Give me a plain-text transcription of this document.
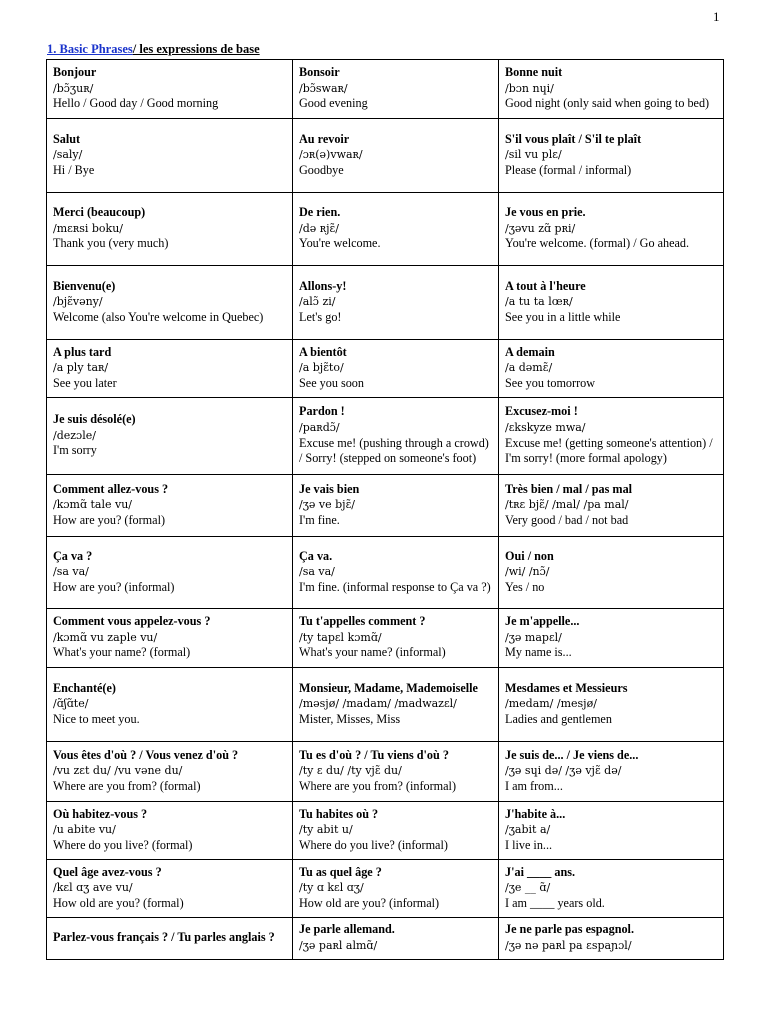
1
1. Basic Phrases/ les expressions de base
Bonjour
/bɔ̃ʒuʀ/
Hello / Good day / Good morning	Bonsoir
/bɔ̃swaʀ/
Good evening	Bonne nuit
/bɔn nɥi/
Good night (only said when going to bed)

Salut
/saly/
Hi / Bye	Au revoir
/ɔʀ(ə)vwaʀ/
Goodbye	S'il vous plaît / S'il te plaît
/sil vu plɛ/
Please (formal / informal)

Merci (beaucoup)
/mɛʀsi boku/
Thank you (very much)	De rien.
/də ʀjɛ̃/
You're welcome.	Je vous en prie.
/ʒəvu zɑ̃ pʀi/
You're welcome. (formal) / Go ahead.

Bienvenu(e)
/bjɛ̃vəny/
Welcome (also You're welcome in Quebec)	Allons-y!
/alɔ̃ zi/
Let's go!	A tout à l'heure
/a tu ta lœʀ/
See you in a little while

A plus tard
/a ply taʀ/
See you later	A bientôt
/a bjɛ̃to/
See you soon	A demain
/a dəmɛ̃/
See you tomorrow

Je suis désolé(e)
/dezɔle/
I'm sorry	Pardon !
/paʀdɔ̃/
Excuse me! (pushing through a crowd) / Sorry! (stepped on someone's foot)	Excusez-moi !
/ɛkskyze mwa/
Excuse me! (getting someone's attention) / I'm sorry! (more formal apology)

Comment allez-vous ?
/kɔmɑ̃ tale vu/
How are you? (formal)	Je vais bien
/ʒə ve bjɛ̃/
I'm fine.	Très bien / mal / pas mal
/tʀɛ bjɛ̃/ /mal/ /pa mal/
Very good / bad / not bad

Ça va ?
/sa va/
How are you? (informal)	Ça va.
/sa va/
I'm fine. (informal response to Ça va ?)	Oui / non
/wi/ /nɔ̃/
Yes / no

Comment vous appelez-vous ?
/kɔmɑ̃ vu zaple vu/
What's your name? (formal)	Tu t'appelles comment ?
/ty tapɛl kɔmɑ̃/
What's your name? (informal)	Je m'appelle...
/ʒə mapɛl/
My name is...

Enchanté(e)
/ɑ̃ʃɑ̃te/
Nice to meet you.	Monsieur, Madame, Mademoiselle
/məsjø/ /madam/ /madwazɛl/
Mister, Misses, Miss	Mesdames et Messieurs
/medam/ /mesjø/
Ladies and gentlemen

Vous êtes d'où ? / Vous venez d'où ?
/vu zɛt du/ /vu vəne du/
Where are you from? (formal)	Tu es d'où ? / Tu viens d'où ?
/ty ɛ du/ /ty vjɛ̃ du/
Where are you from? (informal)	Je suis de... / Je viens de...
/ʒə sɥi də/ /ʒə vjɛ̃ də/
I am from...

Où habitez-vous ?
/u abite vu/
Where do you live? (formal)	Tu habites où ?
/ty abit u/
Where do you live? (informal)	J'habite à...
/ʒabit a/
I live in...

Quel âge avez-vous ?
/kɛl ɑʒ ave vu/
How old are you? (formal)	Tu as quel âge ?
/ty ɑ kɛl ɑʒ/
How old are you? (informal)	J'ai ____ ans.
/ʒe __ ɑ̃/
I am ____ years old.

Parlez-vous français ? / Tu parles anglais ?	Je parle allemand.
/ʒə paʀl almɑ̃/	Je ne parle pas espagnol.
/ʒə nə paʀl pa ɛspaɲɔl/
